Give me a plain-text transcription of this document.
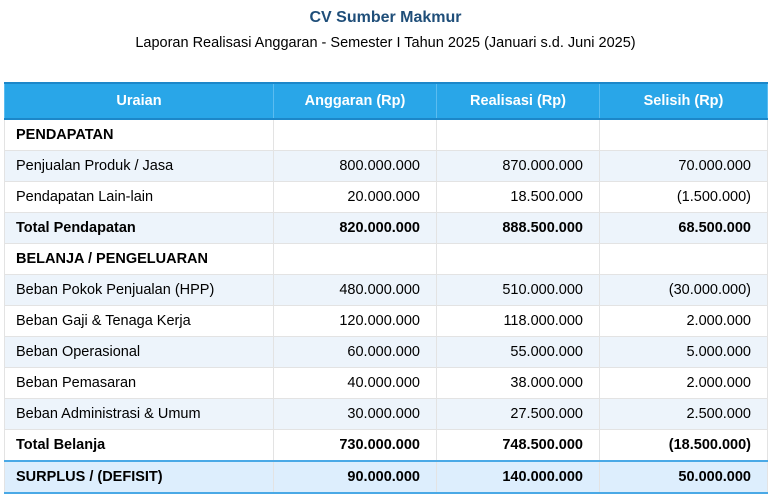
CV Sumber Makmur
Laporan Realisasi Anggaran - Semester I Tahun 2025 (Januari s.d. Juni 2025)
Uraian	Anggaran (Rp)	Realisasi (Rp)	Selisih (Rp)
PENDAPATAN			
Penjualan Produk / Jasa	800.000.000	870.000.000	70.000.000
Pendapatan Lain-lain	20.000.000	18.500.000	(1.500.000)
Total Pendapatan	820.000.000	888.500.000	68.500.000
BELANJA / PENGELUARAN			
Beban Pokok Penjualan (HPP)	480.000.000	510.000.000	(30.000.000)
Beban Gaji & Tenaga Kerja	120.000.000	118.000.000	2.000.000
Beban Operasional	60.000.000	55.000.000	5.000.000
Beban Pemasaran	40.000.000	38.000.000	2.000.000
Beban Administrasi & Umum	30.000.000	27.500.000	2.500.000
Total Belanja	730.000.000	748.500.000	(18.500.000)
SURPLUS / (DEFISIT)	90.000.000	140.000.000	50.000.000
